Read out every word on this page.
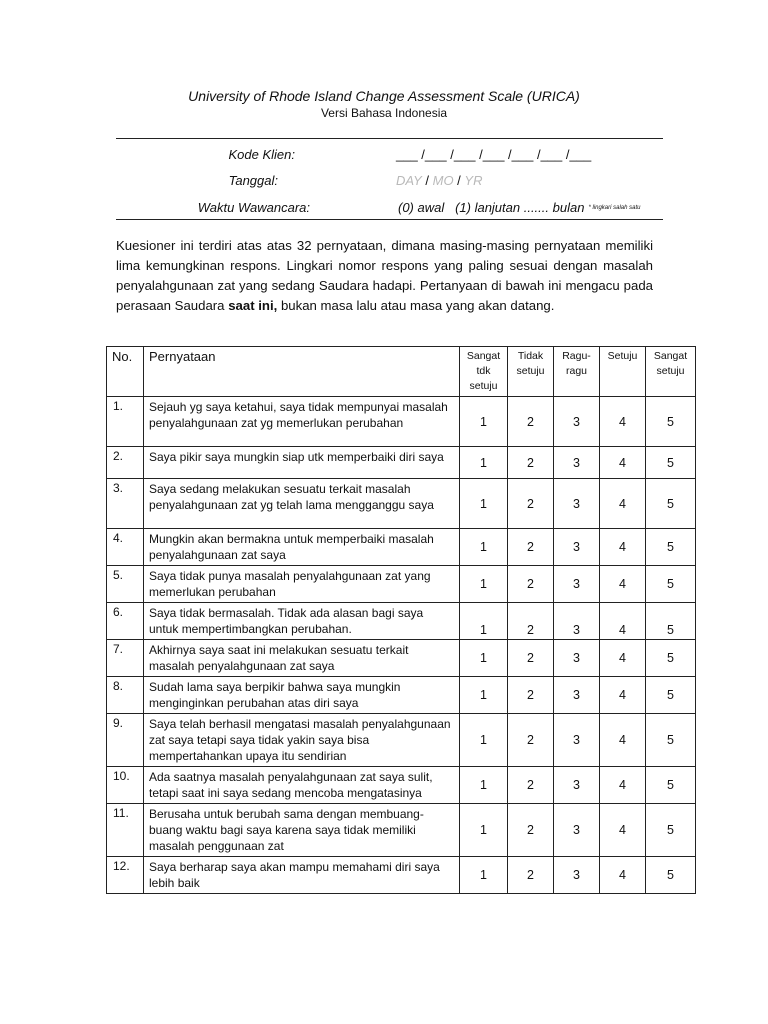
University of Rhode Island Change Assessment Scale (URICA)
Versi Bahasa Indonesia
Kode Klien:	___ /___ /___ /___ /___ /___ /___
Tanggal:	DAY / MO / YR
Waktu Wawancara:	(0) awal   (1) lanjutan ....... bulan $^{* lingkari salah satu}$
Kuesioner ini terdiri atas atas 32 pernyataan, dimana masing-masing pernyataan memiliki lima kemungkinan respons. Lingkari nomor respons yang paling sesuai dengan masalah penyalahgunaan zat yang sedang Saudara hadapi. Pertanyaan di bawah ini mengacu pada perasaan Saudara saat ini, bukan masa lalu atau masa yang akan datang.
No.	Pernyataan	Sangat tdk setuju	Tidak setuju	Ragu-ragu	Setuju	Sangat setuju
1.	Sejauh yg saya ketahui, saya tidak mempunyai masalah penyalahgunaan zat yg memerlukan perubahan	1	2	3	4	5
2.	Saya pikir saya mungkin siap utk memperbaiki diri saya	1	2	3	4	5
3.	Saya sedang melakukan sesuatu terkait masalah penyalahgunaan zat yg telah lama mengganggu saya	1	2	3	4	5
4.	Mungkin akan bermakna untuk memperbaiki masalah penyalahgunaan zat saya	1	2	3	4	5
5.	Saya tidak punya masalah penyalahgunaan zat yang memerlukan perubahan	1	2	3	4	5
6.	Saya tidak bermasalah. Tidak ada alasan bagi saya untuk mempertimbangkan perubahan.	1	2	3	4	5
7.	Akhirnya saya saat ini melakukan sesuatu terkait masalah penyalahgunaan zat saya	1	2	3	4	5
8.	Sudah lama saya berpikir bahwa saya mungkin menginginkan perubahan atas diri saya	1	2	3	4	5
9.	Saya telah berhasil mengatasi masalah penyalahgunaan zat saya tetapi saya tidak yakin saya bisa mempertahankan upaya itu sendirian	1	2	3	4	5
10.	Ada saatnya masalah penyalahgunaan zat saya sulit, tetapi saat ini saya sedang mencoba mengatasinya	1	2	3	4	5
11.	Berusaha untuk berubah sama dengan membuang-buang waktu bagi saya karena saya tidak memiliki masalah penggunaan zat	1	2	3	4	5
12.	Saya berharap saya akan mampu memahami diri saya lebih baik	1	2	3	4	5
